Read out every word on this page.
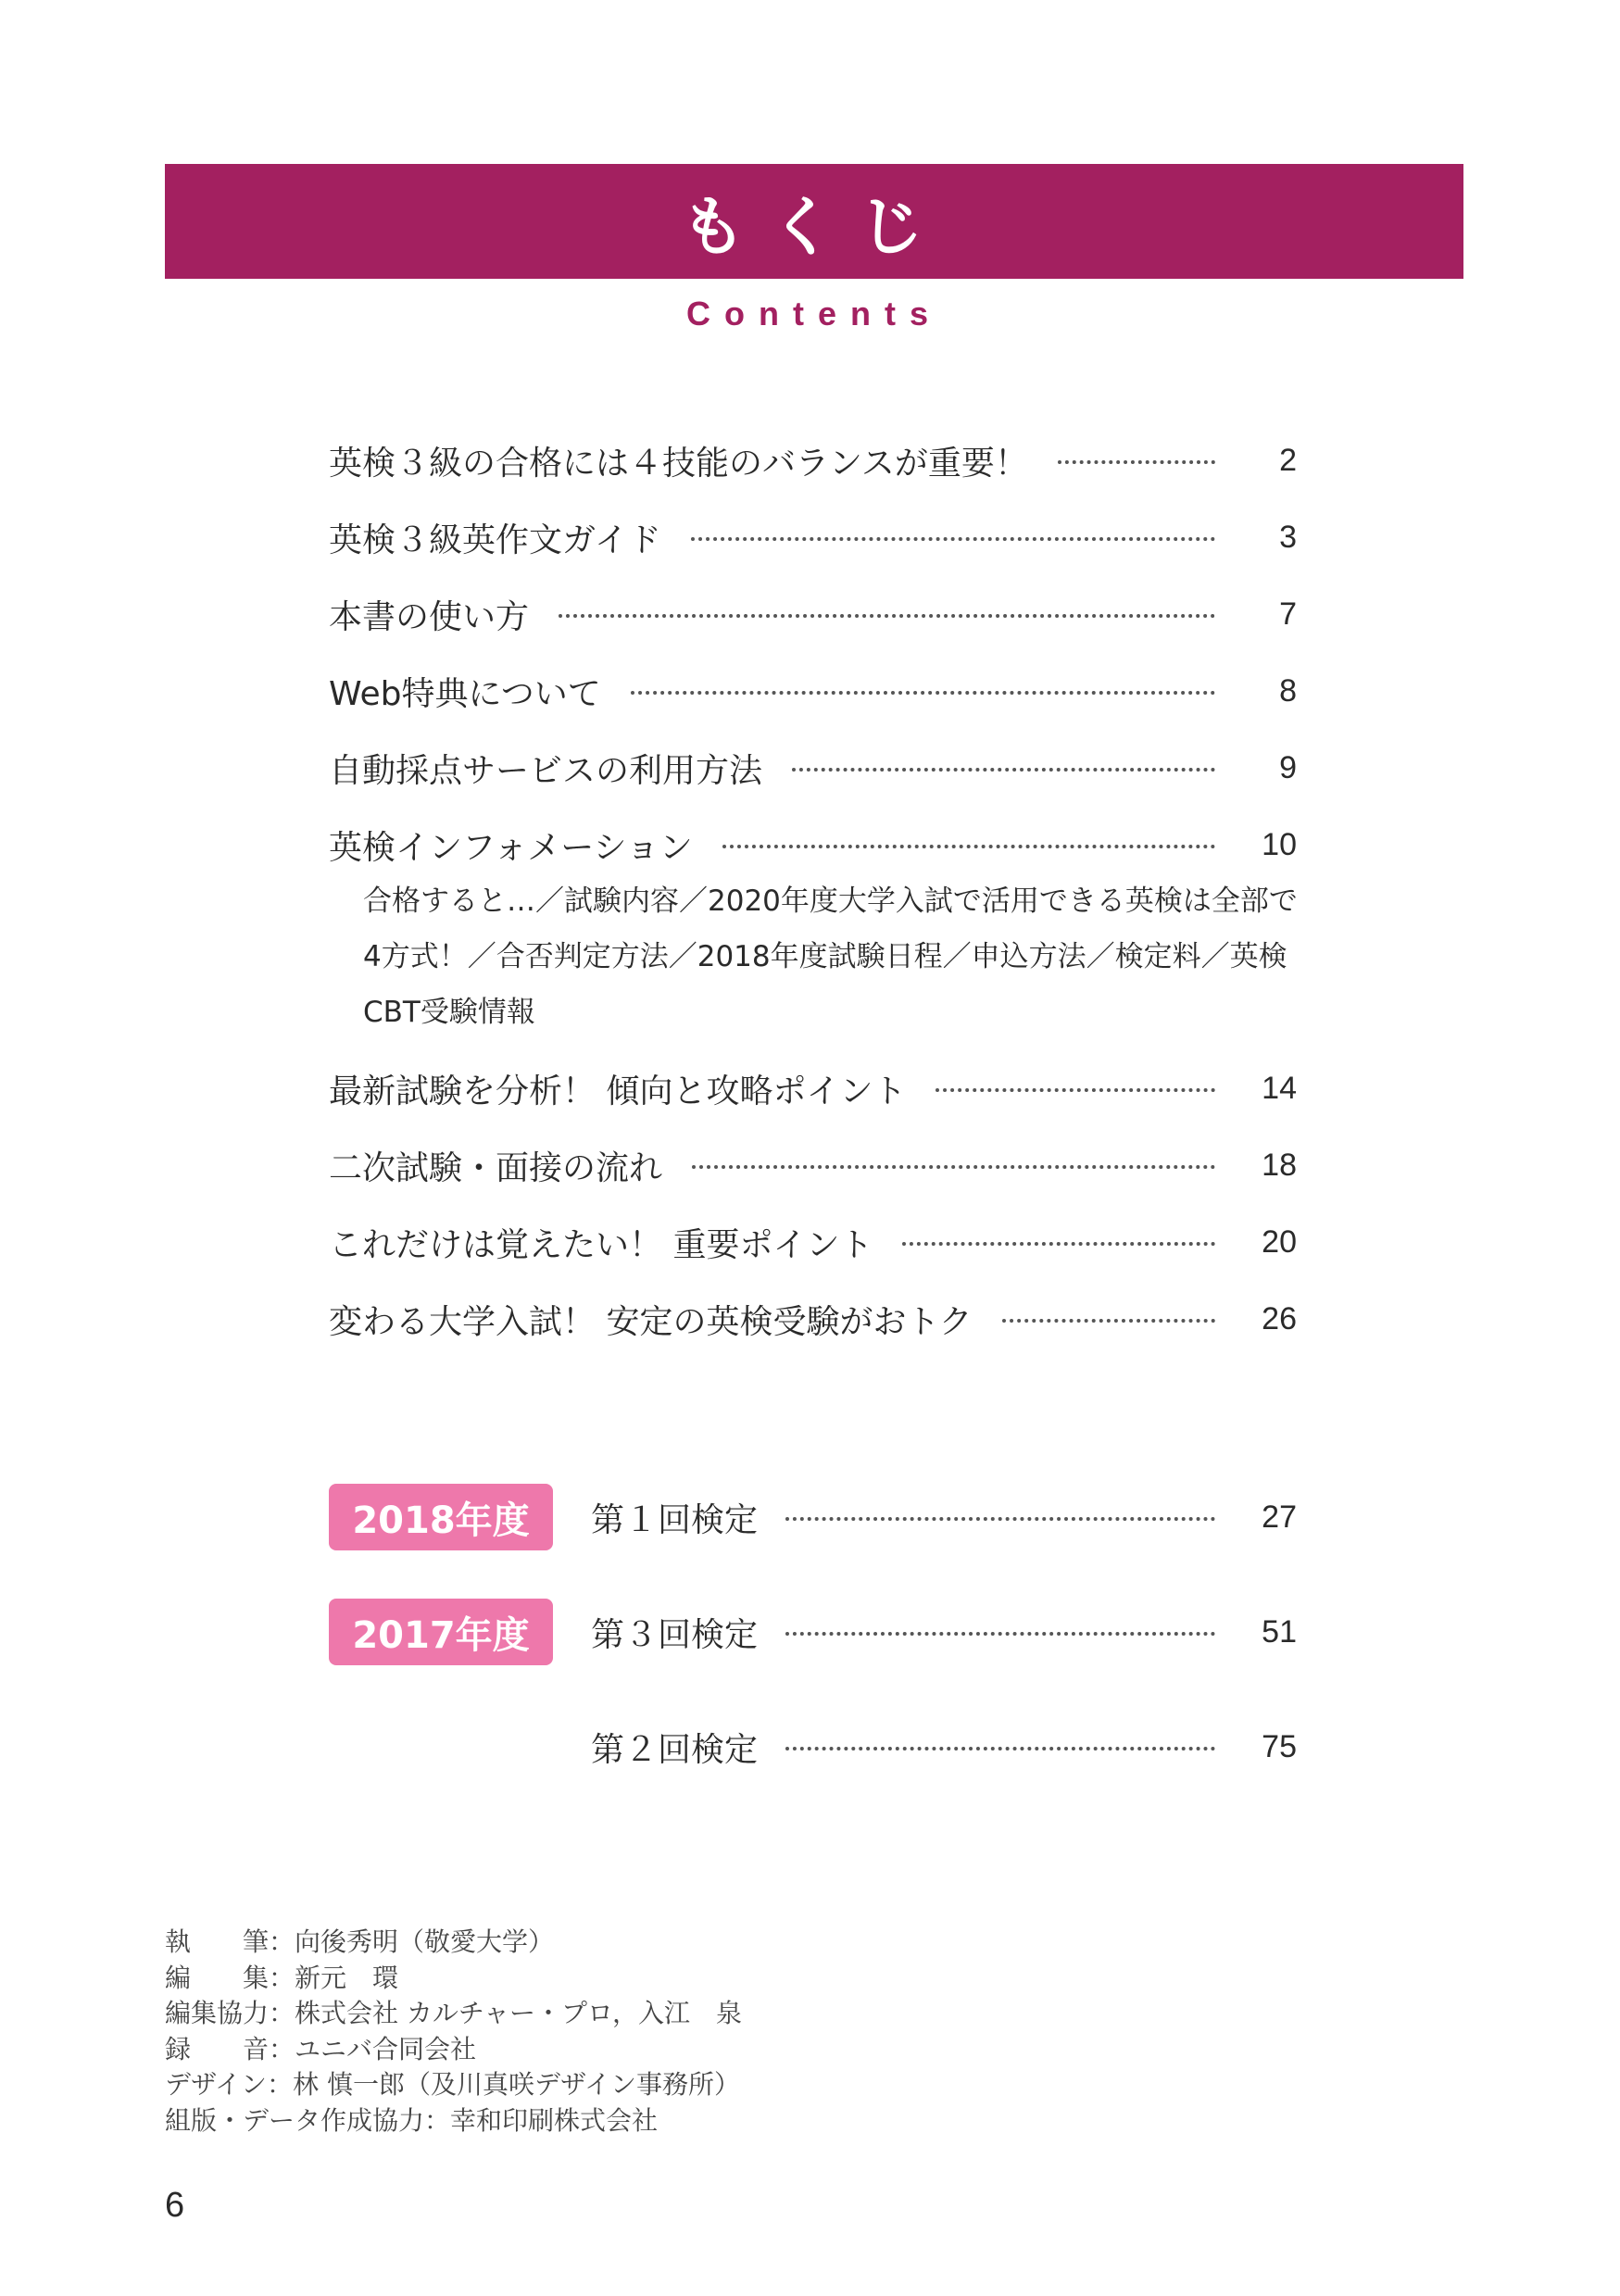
もくじ
Contents
英検３級の合格には４技能のバランスが重要！	2
英検３級英作文ガイド	3
本書の使い方	7
Web特典について	8
自動採点サービスの利用方法	9
英検インフォメーション	10
合格すると…／試験内容／2020年度大学入試で活用できる英検は全部で
4方式！／合否判定方法／2018年度試験日程／申込方法／検定料／英検
CBT受験情報
最新試験を分析！ 傾向と攻略ポイント	14
二次試験・面接の流れ	18
これだけは覚えたい！ 重要ポイント	20
変わる大学入試！ 安定の英検受験がおトク	26
2018年度	第１回検定	27
2017年度	第３回検定	51
第２回検定	75
執　　筆：向後秀明（敬愛大学）
編　　集：新元　環
編集協力：株式会社 カルチャー・プロ，入江　泉
録　　音：ユニバ合同会社
デザイン：林 慎一郎（及川真咲デザイン事務所）
組版・データ作成協力：幸和印刷株式会社
6
